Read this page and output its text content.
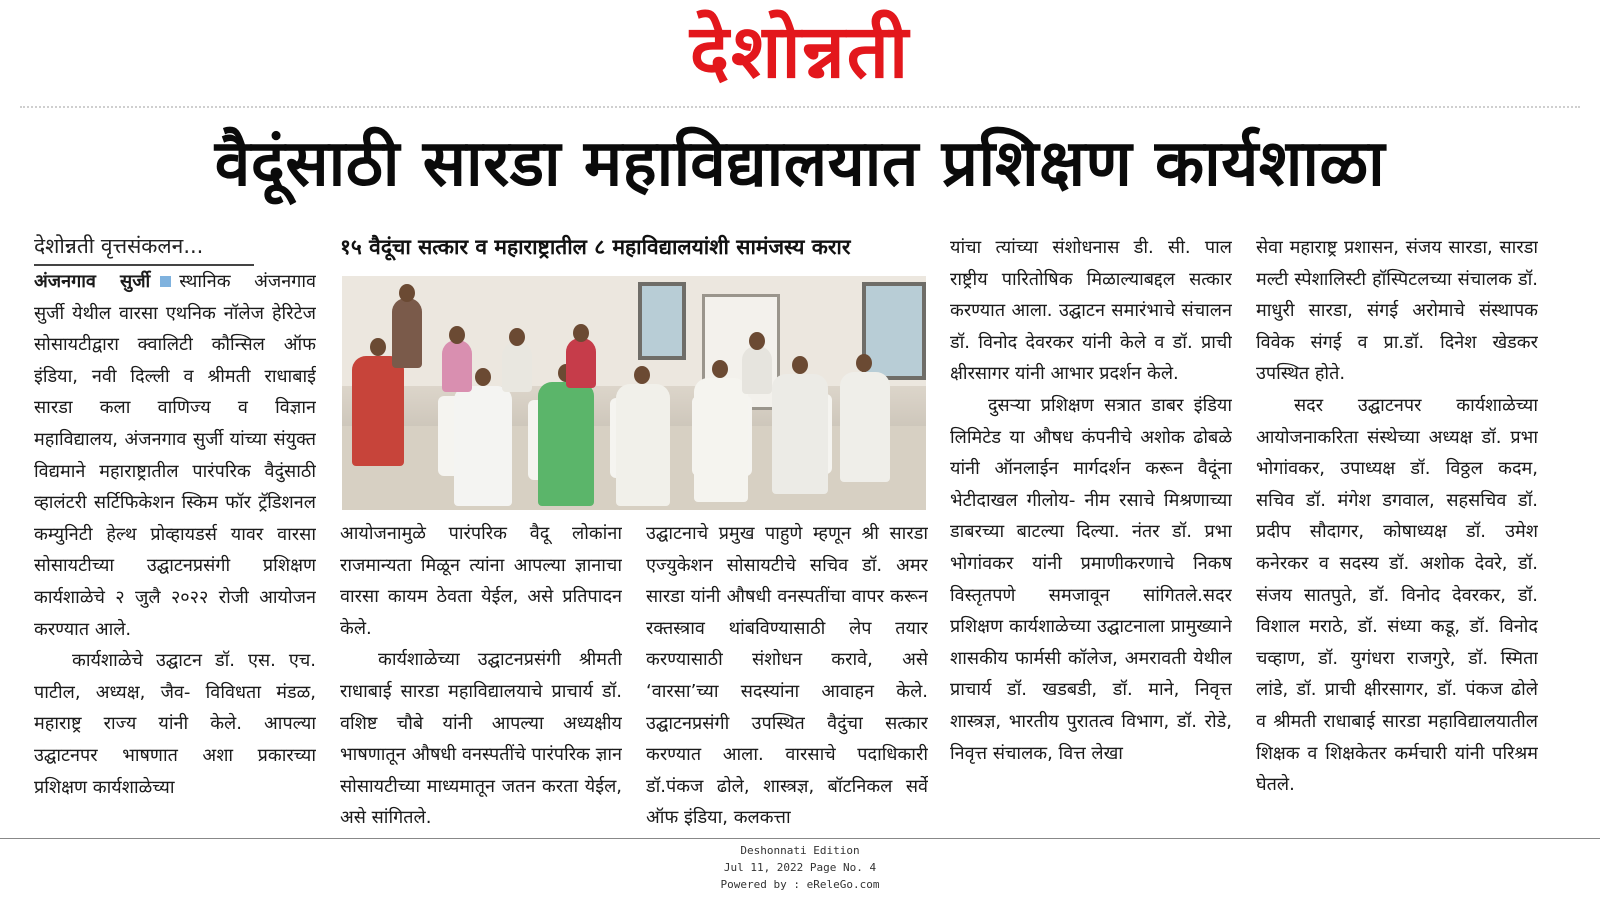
देशोन्नती
वैदूंसाठी सारडा महाविद्यालयात प्रशिक्षण कार्यशाळा
देशोन्नती वृत्तसंकलन...

अंजनगाव सुर्जी स्थानिक अंजनगाव सुर्जी येथील वारसा एथनिक नॉलेज हेरिटेज सोसायटीद्वारा क्वालिटी कौन्सिल ऑफ इंडिया, नवी दिल्ली व श्रीमती राधाबाई सारडा कला वाणिज्य व विज्ञान महाविद्यालय, अंजनगाव सुर्जी यांच्या संयुक्त विद्यमाने महाराष्ट्रातील पारंपरिक वैदुंसाठी व्हालंटरी सर्टिफिकेशन स्किम फॉर ट्रॅडिशनल कम्युनिटी हेल्थ प्रोव्हायडर्स यावर वारसा सोसायटीच्या उद्घाटनप्रसंगी प्रशिक्षण कार्यशाळेचे २ जुलै २०२२ रोजी आयोजन करण्यात आले.

कार्यशाळेचे उद्घाटन डॉ. एस. एच. पाटील, अध्यक्ष, जैव- विविधता मंडळ, महाराष्ट्र राज्य यांनी केले. आपल्या उद्घाटनपर भाषणात अशा प्रकारच्या प्रशिक्षण कार्यशाळेच्या

१५ वैदूंचा सत्कार व महाराष्ट्रातील ८ महाविद्यालयांशी सामंजस्य करार

आयोजनामुळे पारंपरिक वैदू लोकांना राजमान्यता मिळून त्यांना आपल्या ज्ञानाचा वारसा कायम ठेवता येईल, असे प्रतिपादन केले.

कार्यशाळेच्या उद्घाटनप्रसंगी श्रीमती राधाबाई सारडा महाविद्यालयाचे प्राचार्य डॉ. वशिष्ट चौबे यांनी आपल्या अध्यक्षीय भाषणातून औषधी वनस्पतींचे पारंपरिक ज्ञान सोसायटीच्या माध्यमातून जतन करता येईल, असे सांगितले.

उद्घाटनाचे प्रमुख पाहुणे म्हणून श्री सारडा एज्युकेशन सोसायटीचे सचिव डॉ. अमर सारडा यांनी औषधी वनस्पतींचा वापर करून रक्तस्त्राव थांबविण्यासाठी लेप तयार करण्यासाठी संशोधन करावे, असे ‘वारसा’च्या सदस्यांना आवाहन केले. उद्घाटनप्रसंगी उपस्थित वैदुंचा सत्कार करण्यात आला. वारसाचे पदाधिकारी डॉ.पंकज ढोले, शास्त्रज्ञ, बॉटनिकल सर्वे ऑफ इंडिया, कलकत्ता

यांचा त्यांच्या संशोधनास डी. सी. पाल राष्ट्रीय पारितोषिक मिळाल्याबद्दल सत्कार करण्यात आला. उद्घाटन समारंभाचे संचालन डॉ. विनोद देवरकर यांनी केले व डॉ. प्राची क्षीरसागर यांनी आभार प्रदर्शन केले.

दुसऱ्या प्रशिक्षण सत्रात डाबर इंडिया लिमिटेड या औषध कंपनीचे अशोक ढोबळे यांनी ऑनलाईन मार्गदर्शन करून वैदूंना भेटीदाखल गीलोय- नीम रसाचे मिश्रणाच्या डाबरच्या बाटल्या दिल्या. नंतर डॉ. प्रभा भोगांवकर यांनी प्रमाणीकरणाचे निकष विस्तृतपणे समजावून सांगितले.सदर प्रशिक्षण कार्यशाळेच्या उद्घाटनाला प्रामुख्याने शासकीय फार्मसी कॉलेज, अमरावती येथील प्राचार्य डॉ. खडबडी, डॉ. माने, निवृत्त शास्त्रज्ञ, भारतीय पुरातत्व विभाग, डॉ. रोडे, निवृत्त संचालक, वित्त लेखा

सेवा महाराष्ट्र प्रशासन, संजय सारडा, सारडा मल्टी स्पेशालिस्टी हॉस्पिटलच्या संचालक डॉ. माधुरी सारडा, संगई अरोमाचे संस्थापक विवेक संगई व प्रा.डॉ. दिनेश खेडकर उपस्थित होते.

सदर उद्घाटनपर कार्यशाळेच्या आयोजनाकरिता संस्थेच्या अध्यक्ष डॉ. प्रभा भोगांवकर, उपाध्यक्ष डॉ. विठ्ठल कदम, सचिव डॉ. मंगेश डगवाल, सहसचिव डॉ. प्रदीप सौदागर, कोषाध्यक्ष डॉ. उमेश कनेरकर व सदस्य डॉ. अशोक देवरे, डॉ. संजय सातपुते, डॉ. विनोद देवरकर, डॉ. विशाल मराठे, डॉ. संध्या कडू, डॉ. विनोद चव्हाण, डॉ. युगंधरा राजगुरे, डॉ. स्मिता लांडे, डॉ. प्राची क्षीरसागर, डॉ. पंकज ढोले व श्रीमती राधाबाई सारडा महाविद्यालयातील शिक्षक व शिक्षकेतर कर्मचारी यांनी परिश्रम घेतले.

Deshonnati Edition
Jul 11, 2022 Page No. 4
Powered by : eReleGo.com
